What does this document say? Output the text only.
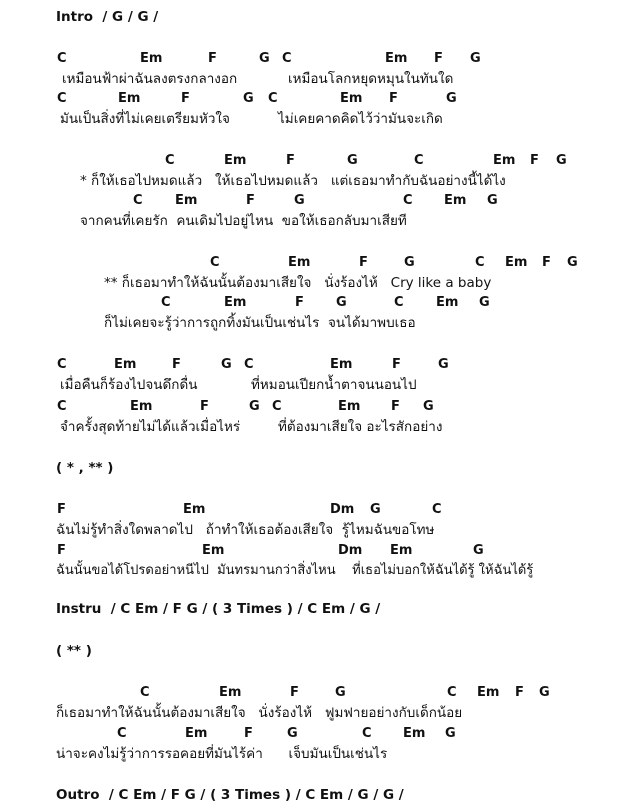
Intro  / G / G /
C	Em	F	G C	Em F G
เหมือนฟ้าผ่าฉันลงตรงกลางอก	เหมือนโลกหยุดหมุนในทันใด
C	Em	F	G C	Em F	G
มันเป็นสิ่งที่ไม่เคยเตรียมหัวใจ	ไม่เคยคาดคิดไว้ว่ามันจะเกิด
C	Em	F	G	C	Em F G
* ก็ให้เธอไปหมดแล้ว   ให้เธอไปหมดแล้ว   แต่เธอมาทำกับฉันอย่างนี้ได้ไง
C Em	F	G	C Em G
จากคนที่เคยรัก  คนเดิมไปอยู่ไหน  ขอให้เธอกลับมาเสียที
C	Em	F	G	C Em F G
** ก็เธอมาทำให้ฉันนั้นต้องมาเสียใจ   นั่งร้องไห้   Cry like a baby
C	Em	F G	C Em G
ก็ไม่เคยจะรู้ว่าการถูกทิ้งมันเป็นเช่นไร  จนได้มาพบเธอ
C	Em	F	G C	Em	F	G
เมื่อคืนก็ร้องไปจนดึกดื่น	ที่หมอนเปียกน้ำตาจนนอนไป
C	Em	F	G C	Em F G
จำครั้งสุดท้ายไม่ได้แล้วเมื่อไหร่	ที่ต้องมาเสียใจ อะไรสักอย่าง
( * , ** )
F	Em	Dm G	C
ฉันไม่รู้ทำสิ่งใดพลาดไป   ถ้าทำให้เธอต้องเสียใจ  รู้ไหมฉันขอโทษ
F	Em	Dm Em	G
ฉันนั้นขอได้โปรดอย่าหนีไป  มันทรมานกว่าสิ่งไหน    ที่เธอไม่บอกให้ฉันได้รู้ ให้ฉันได้รู้
Instru  / C Em / F G / ( 3 Times ) / C Em / G /
( ** )
C	Em	F	G	C Em F G
ก็เธอมาทำให้ฉันนั้นต้องมาเสียใจ   นั่งร้องไห้   ฟูมฟายอย่างกับเด็กน้อย
C	Em	F	G	C Em G
น่าจะคงไม่รู้ว่าการรอคอยที่มันไร้ค่า      เจ็บมันเป็นเช่นไร
Outro  / C Em / F G / ( 3 Times ) / C Em / G / G /
